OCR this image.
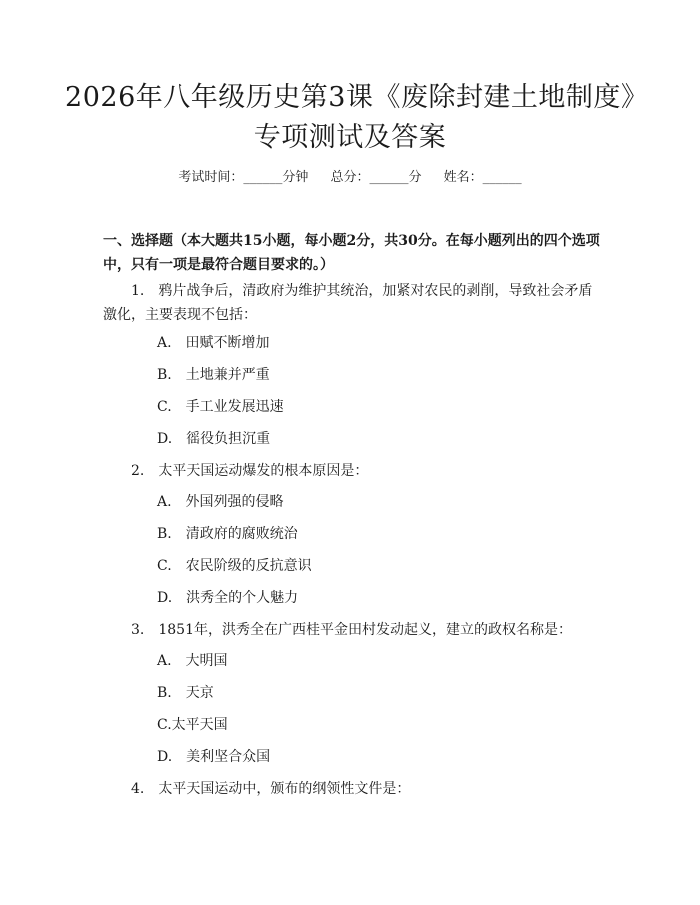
2026年八年级历史第3课《废除封建土地制度》专项测试及答案
考试时间：______分钟 总分：______分 姓名：______
一、选择题（本大题共15小题，每小题2分，共30分。在每小题列出的四个选项中，只有一项是最符合题目要求的。）
1.　鸦片战争后，清政府为维护其统治，加紧对农民的剥削，导致社会矛盾激化，主要表现不包括：
A.　田赋不断增加
B.　土地兼并严重
C.　手工业发展迅速
D.　徭役负担沉重
2.　太平天国运动爆发的根本原因是：
A.　外国列强的侵略
B.　清政府的腐败统治
C.　农民阶级的反抗意识
D.　洪秀全的个人魅力
3.　1851年，洪秀全在广西桂平金田村发动起义，建立的政权名称是：
A.　大明国
B.　天京
C.太平天国
D.　美利坚合众国
4.　太平天国运动中，颁布的纲领性文件是：
